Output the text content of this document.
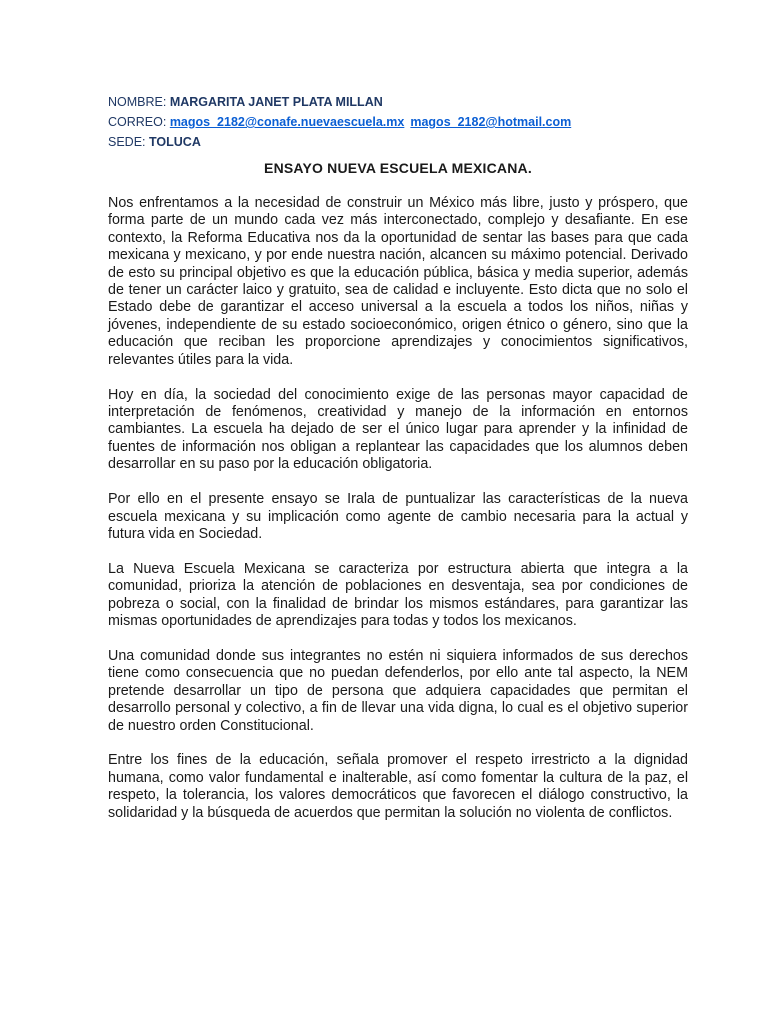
NOMBRE: MARGARITA JANET PLATA MILLAN
CORREO: magos_2182@conafe.nuevaescuela.mx magos_2182@hotmail.com
SEDE: TOLUCA
ENSAYO NUEVA ESCUELA MEXICANA.

Nos enfrentamos a la necesidad de construir un México más libre, justo y próspero, que forma parte de un mundo cada vez más interconectado, complejo y desafiante. En ese contexto, la Reforma Educativa nos da la oportunidad de sentar las bases para que cada mexicana y mexicano, y por ende nuestra nación, alcancen su máximo potencial. Derivado de esto su principal objetivo es que la educación pública, básica y media superior, además de tener un carácter laico y gratuito, sea de calidad e incluyente. Esto dicta que no solo el Estado debe de garantizar el acceso universal a la escuela a todos los niños, niñas y jóvenes, independiente de su estado socioeconómico, origen étnico o género, sino que la educación que reciban les proporcione aprendizajes y conocimientos significativos, relevantes útiles para la vida.

Hoy en día, la sociedad del conocimiento exige de las personas mayor capacidad de interpretación de fenómenos, creatividad y manejo de la información en entornos cambiantes. La escuela ha dejado de ser el único lugar para aprender y la infinidad de fuentes de información nos obligan a replantear las capacidades que los alumnos deben desarrollar en su paso por la educación obligatoria.

Por ello en el presente ensayo se Irala de puntualizar las características de la nueva escuela mexicana y su implicación como agente de cambio necesaria para la actual y futura vida en Sociedad.

La Nueva Escuela Mexicana se caracteriza por estructura abierta que integra a la comunidad, prioriza la atención de poblaciones en desventaja, sea por condiciones de pobreza o social, con la finalidad de brindar los mismos estándares, para garantizar las mismas oportunidades de aprendizajes para todas y todos los mexicanos.

Una comunidad donde sus integrantes no estén ni siquiera informados de sus derechos tiene como consecuencia que no puedan defenderlos, por ello ante tal aspecto, la NEM pretende desarrollar un tipo de persona que adquiera capacidades que permitan el desarrollo personal y colectivo, a fin de llevar una vida digna, lo cual es el objetivo superior de nuestro orden Constitucional.

Entre los fines de la educación, señala promover el respeto irrestricto a la dignidad humana, como valor fundamental e inalterable, así como fomentar la cultura de la paz, el respeto, la tolerancia, los valores democráticos que favorecen el diálogo constructivo, la solidaridad y la búsqueda de acuerdos que permitan la solución no violenta de conflictos.
